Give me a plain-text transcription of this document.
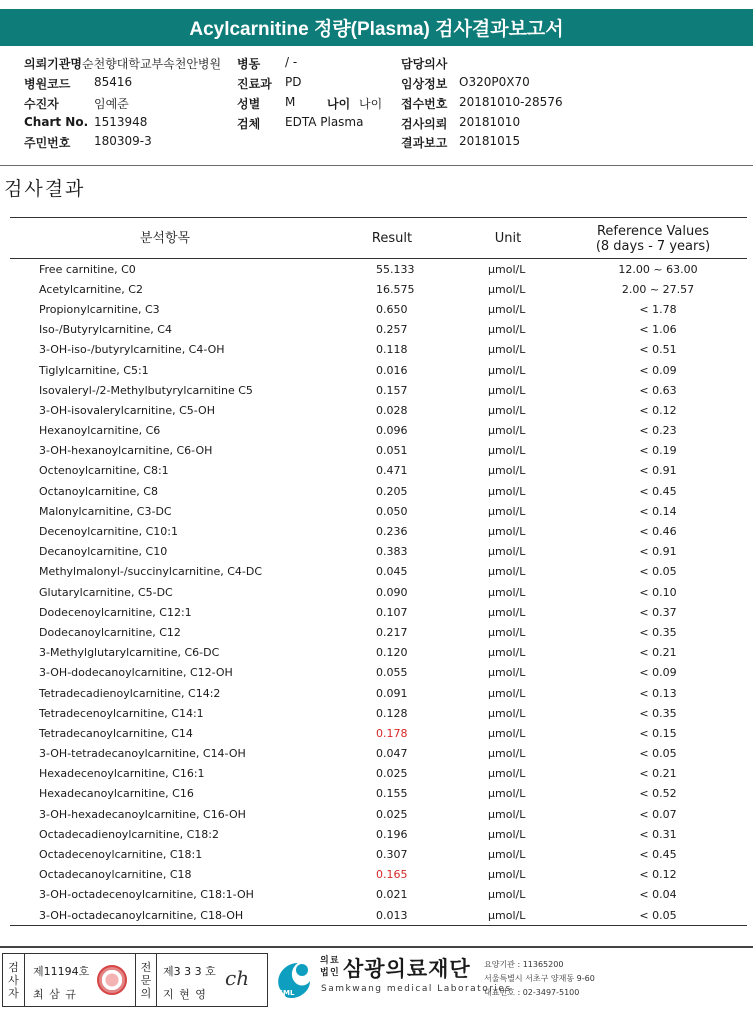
Acylcarnitine 정량(Plasma) 검사결과보고서
의뢰기관명 순천향대학교부속천안병원 병동 / -	담당의사
병원코드 85416	진료과 PD	임상정보 O320P0X70
수진자	임예준	성별 M	나이 나이 접수번호 20181010-28576
Chart No. 1513948	검체 EDTA Plasma	검사의뢰 20181010
주민번호 180309-3	결과보고 20181015
검사결과
분석항목	Result	Unit	Reference Values
(8 days - 7 years)
Free carnitine, C0	55.133	µmol/L	12.00 ~ 63.00
Acetylcarnitine, C2	16.575	µmol/L	2.00 ~ 27.57
Propionylcarnitine, C3	0.650	µmol/L	< 1.78
Iso-/Butyrylcarnitine, C4	0.257	µmol/L	< 1.06
3-OH-iso-/butyrylcarnitine, C4-OH	0.118	µmol/L	< 0.51
Tiglylcarnitine, C5:1	0.016	µmol/L	< 0.09
Isovaleryl-/2-Methylbutyrylcarnitine C5	0.157	µmol/L	< 0.63
3-OH-isovalerylcarnitine, C5-OH	0.028	µmol/L	< 0.12
Hexanoylcarnitine, C6	0.096	µmol/L	< 0.23
3-OH-hexanoylcarnitine, C6-OH	0.051	µmol/L	< 0.19
Octenoylcarnitine, C8:1	0.471	µmol/L	< 0.91
Octanoylcarnitine, C8	0.205	µmol/L	< 0.45
Malonylcarnitine, C3-DC	0.050	µmol/L	< 0.14
Decenoylcarnitine, C10:1	0.236	µmol/L	< 0.46
Decanoylcarnitine, C10	0.383	µmol/L	< 0.91
Methylmalonyl-/succinylcarnitine, C4-DC	0.045	µmol/L	< 0.05
Glutarylcarnitine, C5-DC	0.090	µmol/L	< 0.10
Dodecenoylcarnitine, C12:1	0.107	µmol/L	< 0.37
Dodecanoylcarnitine, C12	0.217	µmol/L	< 0.35
3-Methylglutarylcarnitine, C6-DC	0.120	µmol/L	< 0.21
3-OH-dodecanoylcarnitine, C12-OH	0.055	µmol/L	< 0.09
Tetradecadienoylcarnitine, C14:2	0.091	µmol/L	< 0.13
Tetradecenoylcarnitine, C14:1	0.128	µmol/L	< 0.35
Tetradecanoylcarnitine, C14	0.178	µmol/L	< 0.15
3-OH-tetradecanoylcarnitine, C14-OH	0.047	µmol/L	< 0.05
Hexadecenoylcarnitine, C16:1	0.025	µmol/L	< 0.21
Hexadecanoylcarnitine, C16	0.155	µmol/L	< 0.52
3-OH-hexadecanoylcarnitine, C16-OH	0.025	µmol/L	< 0.07
Octadecadienoylcarnitine, C18:2	0.196	µmol/L	< 0.31
Octadecenoylcarnitine, C18:1	0.307	µmol/L	< 0.45
Octadecanoylcarnitine, C18	0.165	µmol/L	< 0.12
3-OH-octadecenoylcarnitine, C18:1-OH	0.021	µmol/L	< 0.04
3-OH-octadecanoylcarnitine, C18-OH	0.013	µmol/L	< 0.05
검
사
자
제11194호
최 삼 규
전
문
의
제3 3 3 호
지 현 영
ch
SML
의 료
법 인 삼광의료재단
Samkwang medical Laboratories
요양기관 : 11365200
서울특별시 서초구 양재동 9-60
대표번호 : 02-3497-5100
